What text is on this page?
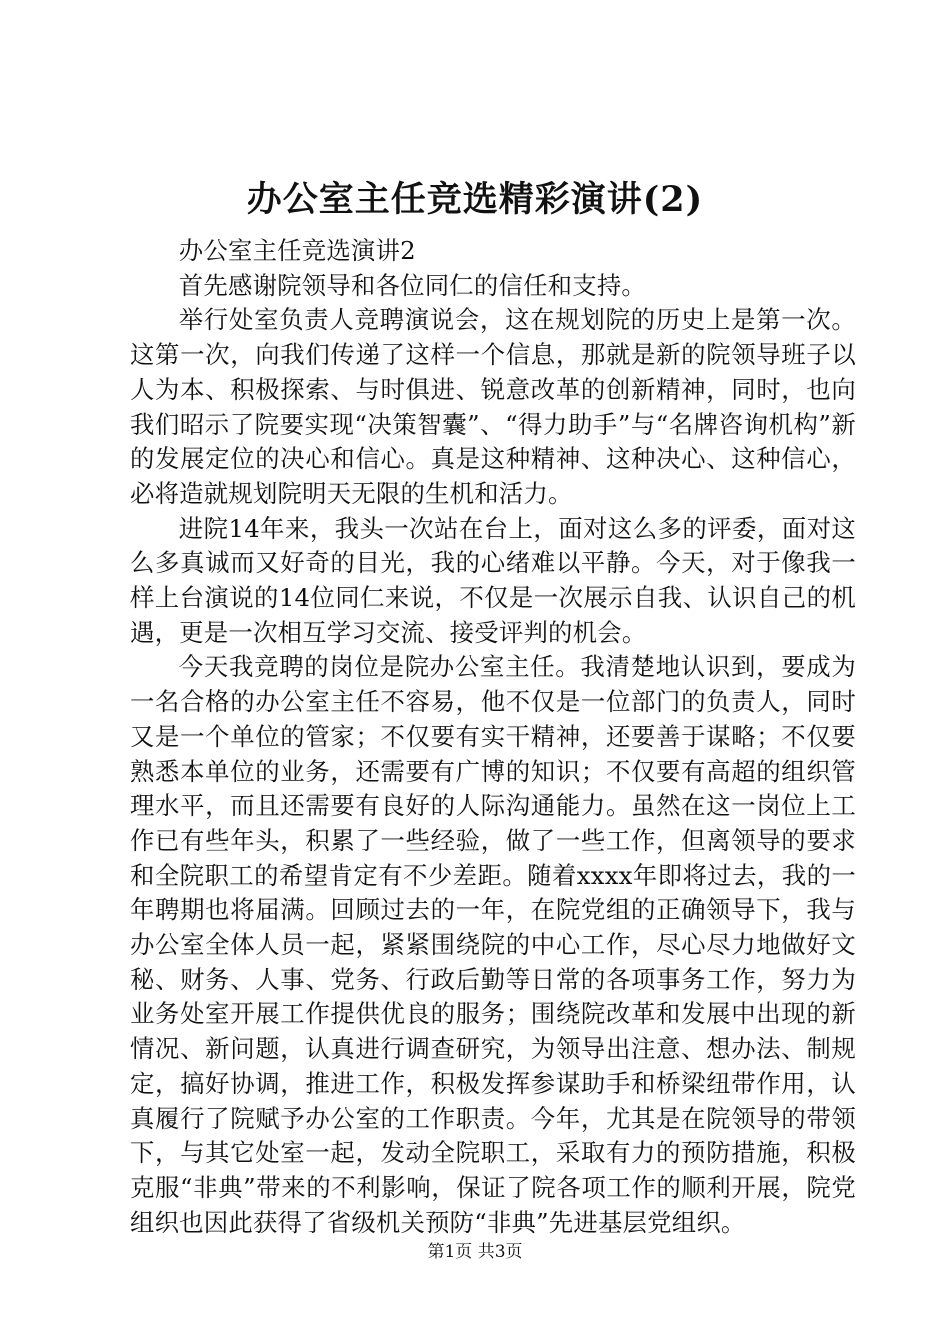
办公室主任竞选精彩演讲(2)

办公室主任竞选演讲2

首先感谢院领导和各位同仁的信任和支持。

举行处室负责人竞聘演说会，这在规划院的历史上是第一次。这第一次，向我们传递了这样一个信息，那就是新的院领导班子以人为本、积极探索、与时俱进、锐意改革的创新精神，同时，也向我们昭示了院要实现“决策智囊”、“得力助手”与“名牌咨询机构”新的发展定位的决心和信心。真是这种精神、这种决心、这种信心，必将造就规划院明天无限的生机和活力。

进院14年来，我头一次站在台上，面对这么多的评委，面对这么多真诚而又好奇的目光，我的心绪难以平静。今天，对于像我一样上台演说的14位同仁来说，不仅是一次展示自我、认识自己的机遇，更是一次相互学习交流、接受评判的机会。

今天我竞聘的岗位是院办公室主任。我清楚地认识到，要成为一名合格的办公室主任不容易，他不仅是一位部门的负责人，同时又是一个单位的管家；不仅要有实干精神，还要善于谋略；不仅要熟悉本单位的业务，还需要有广博的知识；不仅要有高超的组织管理水平，而且还需要有良好的人际沟通能力。虽然在这一岗位上工作已有些年头，积累了一些经验，做了一些工作，但离领导的要求和全院职工的希望肯定有不少差距。随着xxxx年即将过去，我的一年聘期也将届满。回顾过去的一年，在院党组的正确领导下，我与办公室全体人员一起，紧紧围绕院的中心工作，尽心尽力地做好文秘、财务、人事、党务、行政后勤等日常的各项事务工作，努力为业务处室开展工作提供优良的服务；围绕院改革和发展中出现的新情况、新问题，认真进行调查研究，为领导出注意、想办法、制规定，搞好协调，推进工作，积极发挥参谋助手和桥梁纽带作用，认真履行了院赋予办公室的工作职责。今年，尤其是在院领导的带领下，与其它处室一起，发动全院职工，采取有力的预防措施，积极克服“非典”带来的不利影响，保证了院各项工作的顺利开展，院党组织也因此获得了省级机关预防“非典”先进基层党组织。

第1页 共3页
